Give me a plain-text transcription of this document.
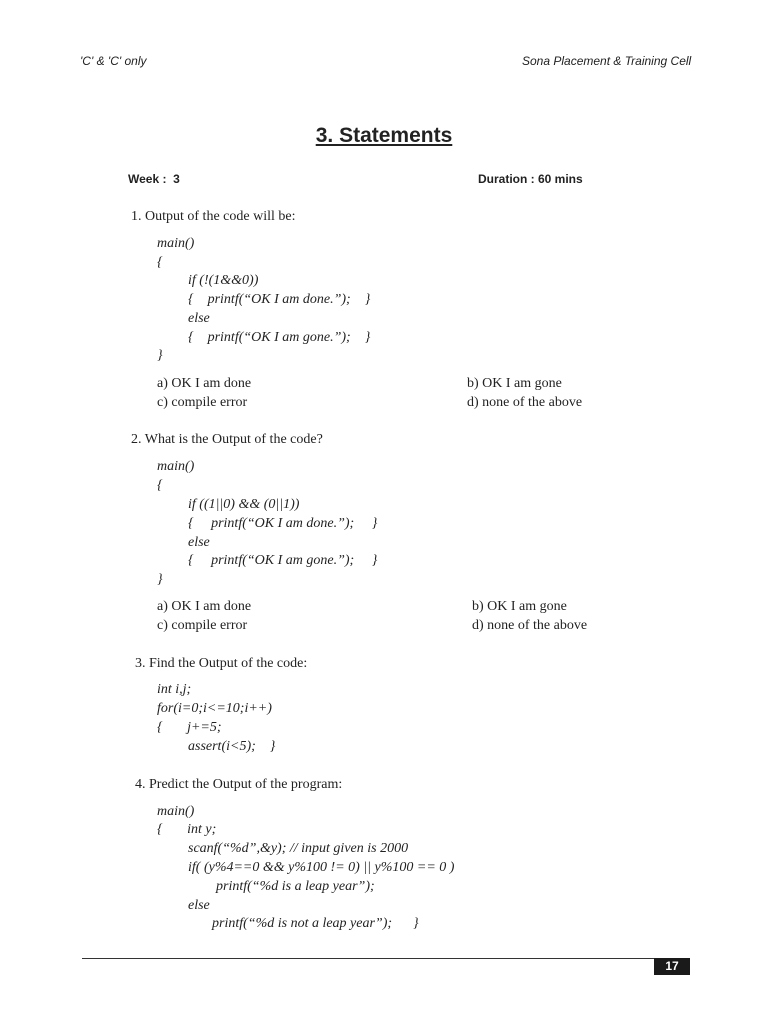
'C' & 'C' only	Sona Placement & Training Cell
3. Statements
Week :  3	Duration : 60 mins
1. Output of the code will be:
main()
{
if (!(1&&0))
{    printf(“OK I am done.”);    }
else
{    printf(“OK I am gone.”);    }
}
a) OK I am done	b) OK I am gone
c) compile error	d) none of the above
2. What is the Output of the code?
main()
{
if ((1||0) && (0||1))
{     printf(“OK I am done.”);     }
else
{     printf(“OK I am gone.”);     }
}
a) OK I am done	b) OK I am gone
c) compile error	d) none of the above
3. Find the Output of the code:
int i,j;
for(i=0;i<=10;i++)
{       j+=5;
assert(i<5);    }
4. Predict the Output of the program:
main()
{       int y;
scanf(“%d”,&y); // input given is 2000
if( (y%4==0 && y%100 != 0) || y%100 == 0 )
printf(“%d is a leap year”);
else
printf(“%d is not a leap year”);      }
17
